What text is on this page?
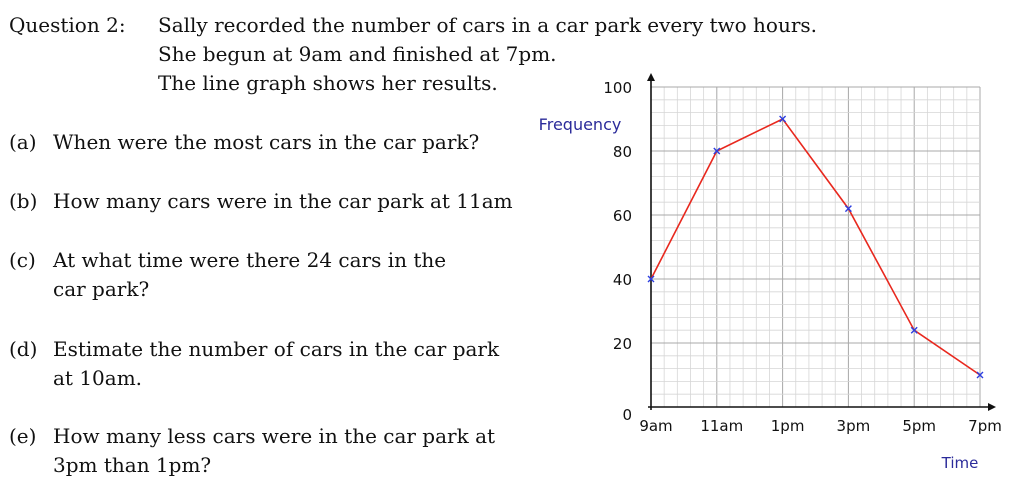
Question 2: Sally recorded the number of cars in a car park every two hours.
She begun at 9am and finished at 7pm.
The line graph shows her results.
(a) When were the most cars in the car park?
(b) How many cars were in the car park at 11am
(c) At what time were there 24 cars in the
car park?
(d) Estimate the number of cars in the car park
at 10am.
(e) How many less cars were in the car park at
3pm than 1pm?
0
20
40
60
80
100
9am 11am 1pm 3pm 5pm 7pm
Frequency
Time
